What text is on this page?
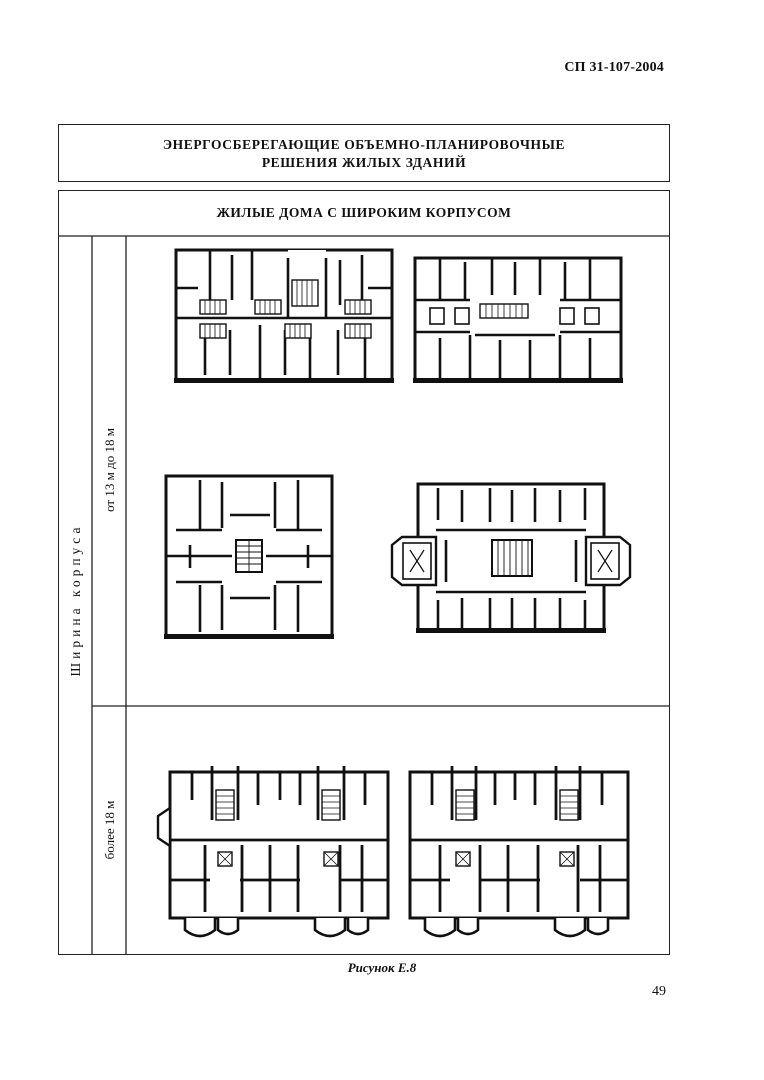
СП 31-107-2004
ЭНЕРГОСБЕРЕГАЮЩИЕ ОБЪЕМНО-ПЛАНИРОВОЧНЫЕ
РЕШЕНИЯ ЖИЛЫХ ЗДАНИЙ
ЖИЛЫЕ ДОМА С ШИРОКИМ КОРПУСОМ
Ширина корпуса
от 13 м до 18 м
более 18 м
Рисунок Е.8
49
